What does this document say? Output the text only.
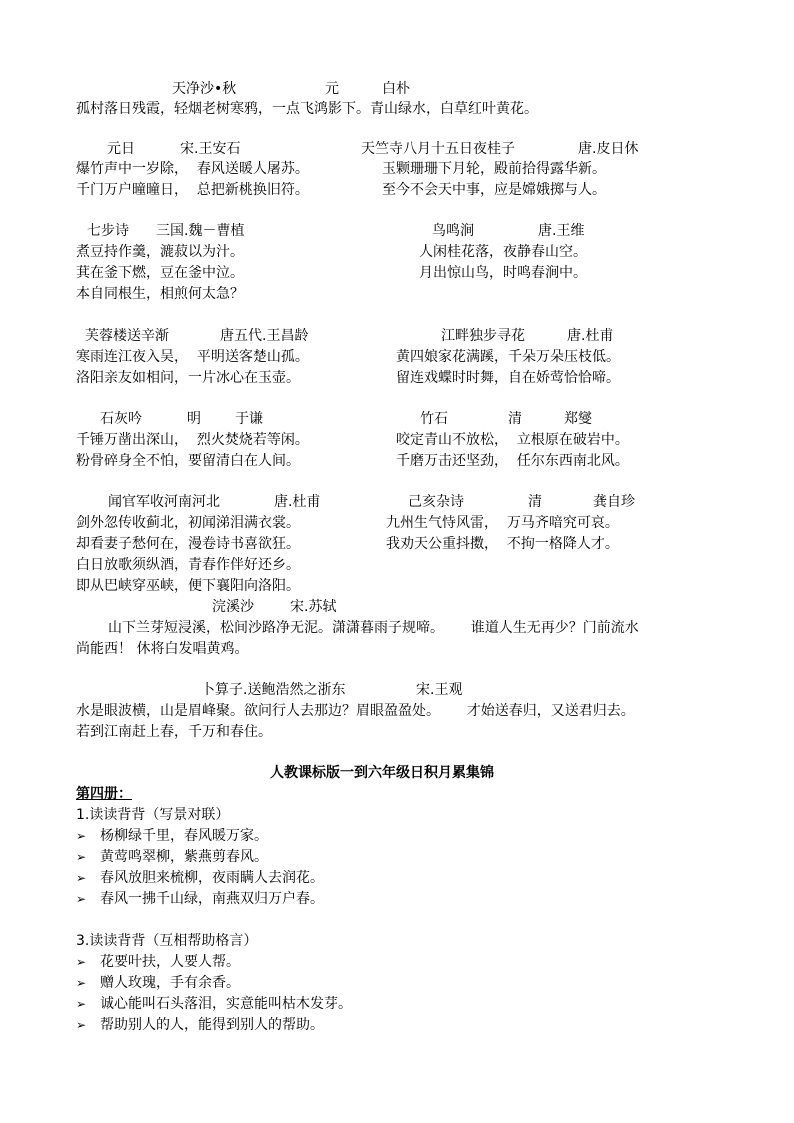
天净沙•秋	元	白朴
孤村落日残霞，轻烟老树寒鸦，一点飞鸿影下。青山绿水，白草红叶黄花。
元日	宋.王安石	天竺寺八月十五日夜桂子	唐.皮日休
爆竹声中一岁除，  春风送暖人屠苏。	玉颗珊珊下月轮，殿前拾得露华新。
千门万户曈曈日，  总把新桃换旧符。	至今不会天中事，应是嫦娥掷与人。
七步诗 三国.魏－曹植	鸟鸣涧	唐.王维
煮豆持作羹，漉菽以为汁。	人闲桂花落，夜静春山空。
萁在釜下燃，豆在釜中泣。	月出惊山鸟，时鸣春涧中。
本自同根生，相煎何太急？
芙蓉楼送辛渐	唐五代.王昌龄	江畔独步寻花	唐.杜甫
寒雨连江夜入吴，  平明送客楚山孤。	黄四娘家花满蹊，千朵万朵压枝低。
洛阳亲友如相问，一片冰心在玉壶。	留连戏蝶时时舞，自在娇莺恰恰啼。
石灰吟	明 于谦	竹石	清	郑燮
千锤万凿出深山，  烈火焚烧若等闲。	咬定青山不放松，  立根原在破岩中。
粉骨碎身全不怕，要留清白在人间。	千磨万击还坚劲，  任尔东西南北风。
闻官军收河南河北	唐.杜甫	己亥杂诗	清	龚自珍
剑外忽传收蓟北，初闻涕泪满衣裳。	九州生气恃风雷，  万马齐喑究可哀。
却看妻子愁何在，漫卷诗书喜欲狂。	我劝天公重抖擞，  不拘一格降人才。
白日放歌须纵酒，青春作伴好还乡。
即从巴峡穿巫峡，便下襄阳向洛阳。
浣溪沙	宋.苏轼
山下兰芽短浸溪，松间沙路净无泥。潇潇暮雨子规啼。      谁道人生无再少？门前流水
尚能西！ 休将白发唱黄鸡。
卜算子.送鲍浩然之浙东	宋.王观
水是眼波横，山是眉峰聚。欲问行人去那边？眉眼盈盈处。      才始送春归，又送君归去。
若到江南赶上春，千万和春住。
人教课标版一到六年级日积月累集锦
第四册：
1.读读背背（写景对联）
➢ 杨柳绿千里，春风暖万家。
➢ 黄莺鸣翠柳，紫燕剪春风。
➢ 春风放胆来梳柳，夜雨瞒人去润花。
➢ 春风一拂千山绿，南燕双归万户春。
3.读读背背（互相帮助格言）
➢ 花要叶扶，人要人帮。
➢ 赠人玫瑰，手有余香。
➢ 诚心能叫石头落泪，实意能叫枯木发芽。
➢ 帮助别人的人，能得到别人的帮助。
